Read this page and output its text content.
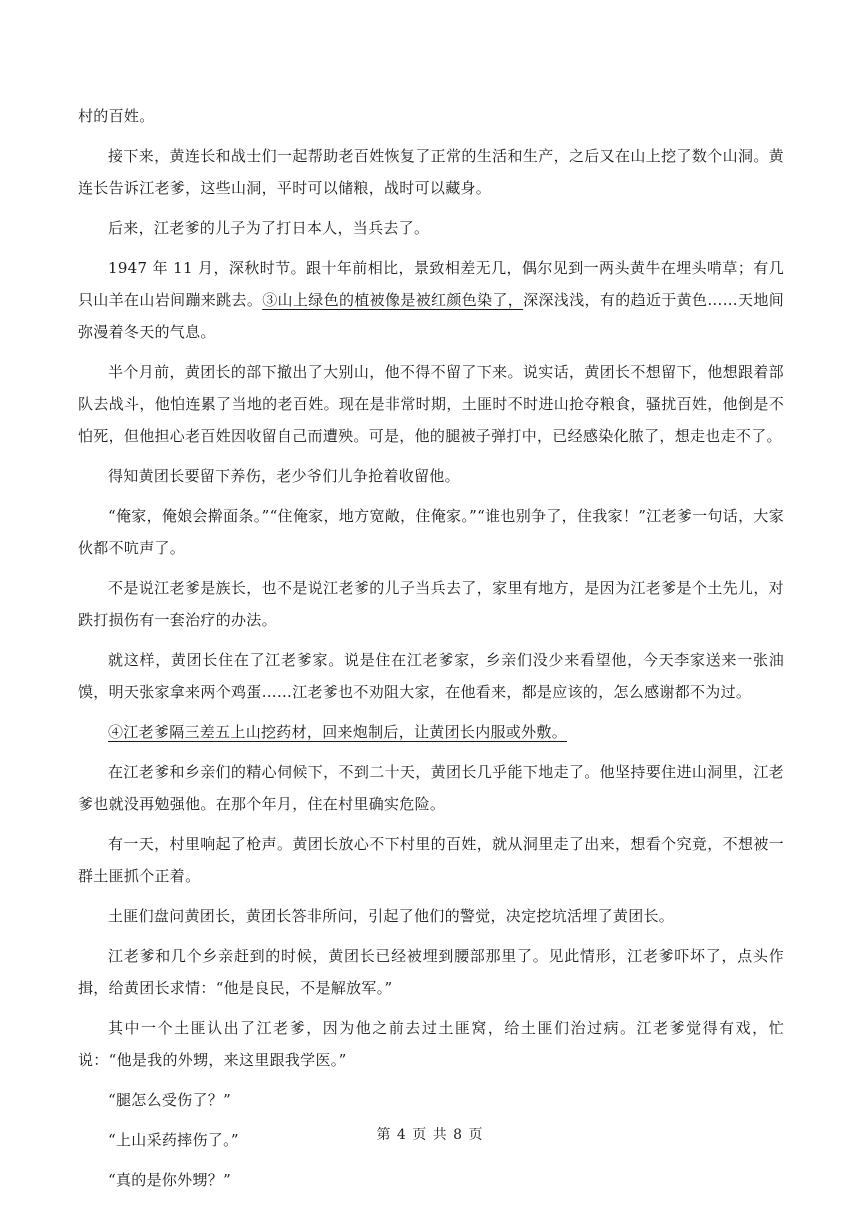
村的百姓。

接下来，黄连长和战士们一起帮助老百姓恢复了正常的生活和生产，之后又在山上挖了数个山洞。黄连长告诉江老爹，这些山洞，平时可以储粮，战时可以藏身。

后来，江老爹的儿子为了打日本人，当兵去了。

1947 年 11 月，深秋时节。跟十年前相比，景致相差无几，偶尔见到一两头黄牛在埋头啃草；有几只山羊在山岩间蹦来跳去。③山上绿色的植被像是被红颜色染了，深深浅浅，有的趋近于黄色……天地间弥漫着冬天的气息。

半个月前，黄团长的部下撤出了大别山，他不得不留了下来。说实话，黄团长不想留下，他想跟着部队去战斗，他怕连累了当地的老百姓。现在是非常时期，土匪时不时进山抢夺粮食，骚扰百姓，他倒是不怕死，但他担心老百姓因收留自己而遭殃。可是，他的腿被子弹打中，已经感染化脓了，想走也走不了。

得知黄团长要留下养伤，老少爷们儿争抢着收留他。

“俺家，俺娘会擀面条。”“住俺家，地方宽敞，住俺家。”“谁也别争了，住我家！”江老爹一句话，大家伙都不吭声了。

不是说江老爹是族长，也不是说江老爹的儿子当兵去了，家里有地方，是因为江老爹是个土先儿，对跌打损伤有一套治疗的办法。

就这样，黄团长住在了江老爹家。说是住在江老爹家，乡亲们没少来看望他，今天李家送来一张油馍，明天张家拿来两个鸡蛋……江老爹也不劝阻大家，在他看来，都是应该的，怎么感谢都不为过。

④江老爹隔三差五上山挖药材，回来炮制后，让黄团长内服或外敷。

在江老爹和乡亲们的精心伺候下，不到二十天，黄团长几乎能下地走了。他坚持要住进山洞里，江老爹也就没再勉强他。在那个年月，住在村里确实危险。

有一天，村里响起了枪声。黄团长放心不下村里的百姓，就从洞里走了出来，想看个究竟，不想被一群土匪抓个正着。

土匪们盘问黄团长，黄团长答非所问，引起了他们的警觉，决定挖坑活埋了黄团长。

江老爹和几个乡亲赶到的时候，黄团长已经被埋到腰部那里了。见此情形，江老爹吓坏了，点头作揖，给黄团长求情：“他是良民，不是解放军。”

其中一个土匪认出了江老爹，因为他之前去过土匪窝，给土匪们治过病。江老爹觉得有戏，忙说：“他是我的外甥，来这里跟我学医。”

“腿怎么受伤了？”

“上山采药摔伤了。”

“真的是你外甥？”

第 4 页 共 8 页
